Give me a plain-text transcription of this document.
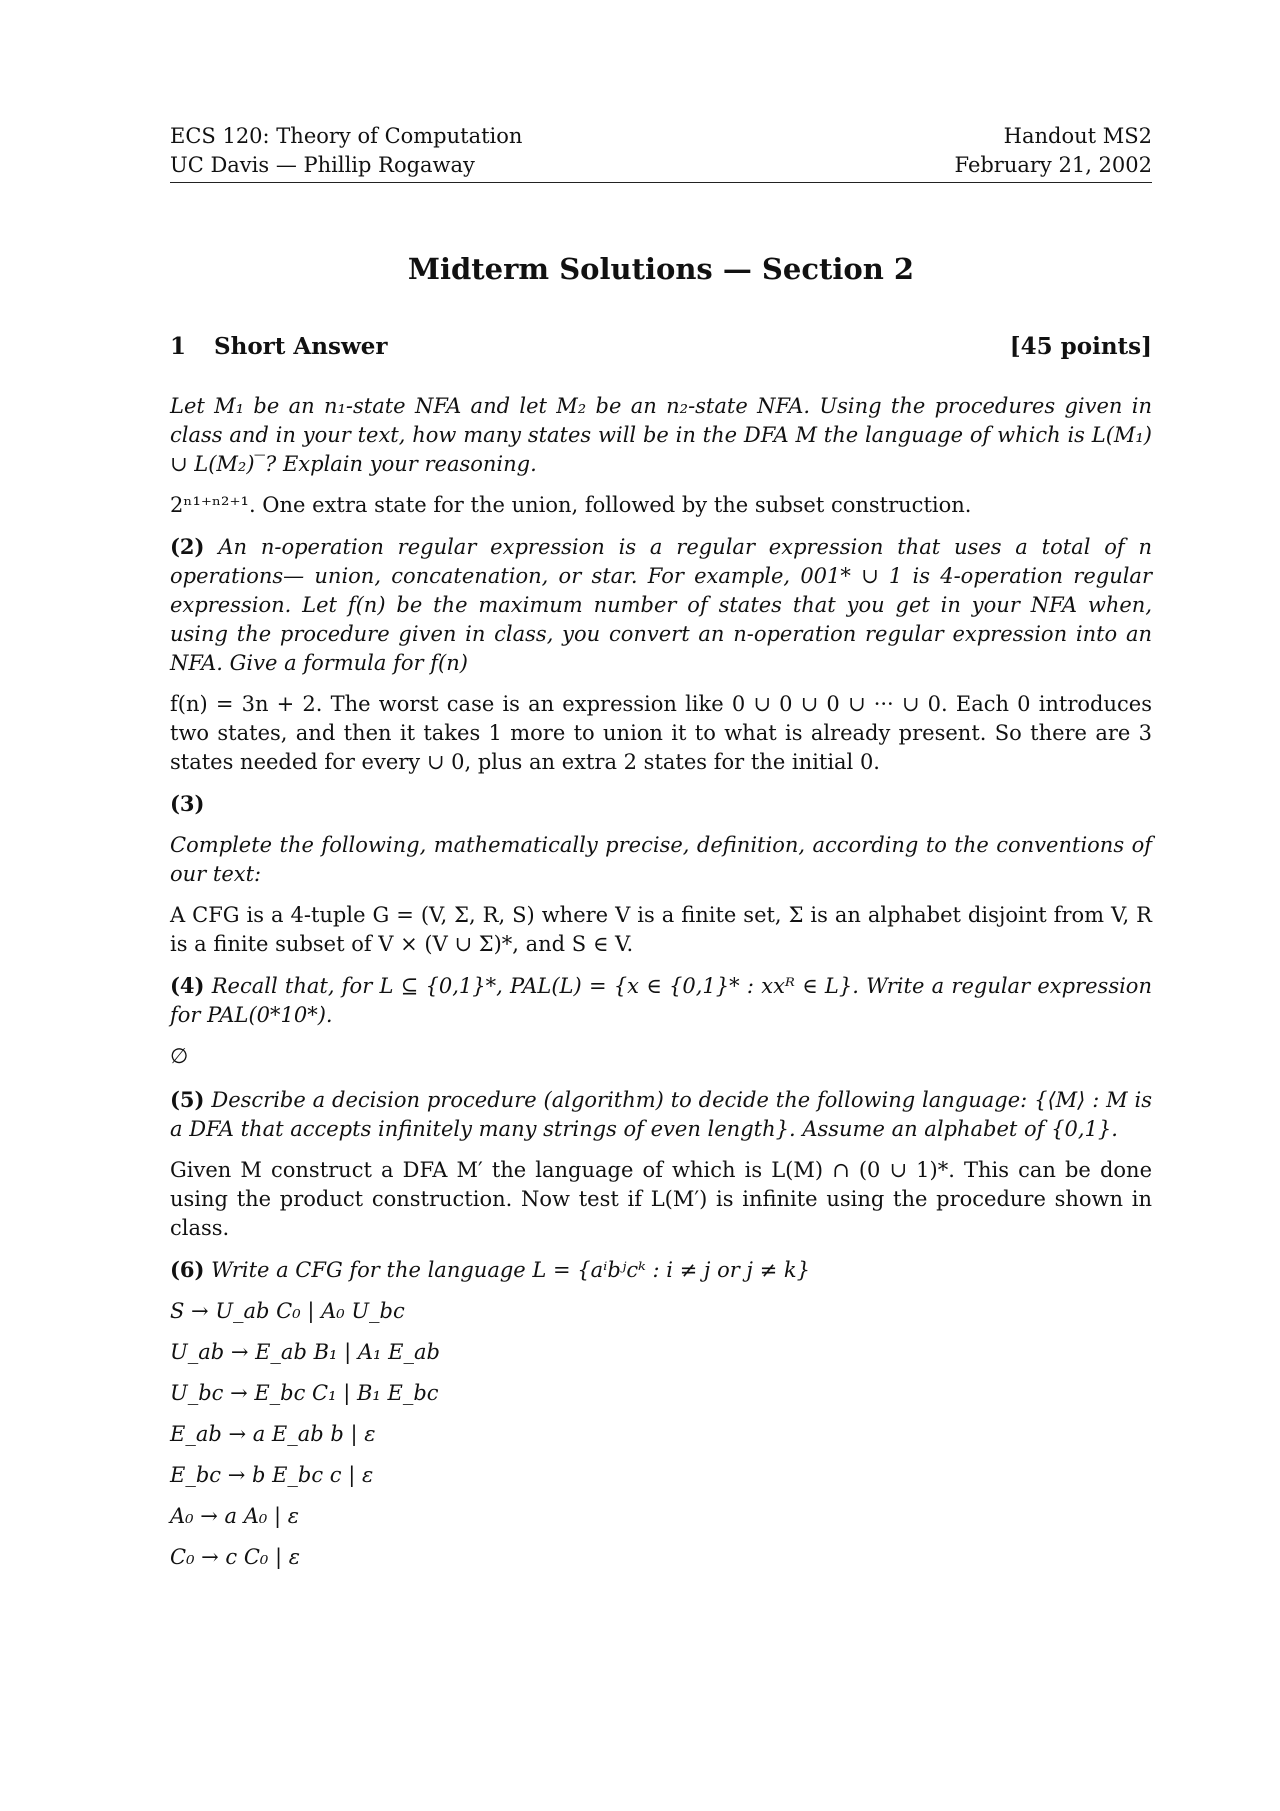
ECS 120: Theory of Computation
UC Davis — Phillip Rogaway
Handout MS2
February 21, 2002
Midterm Solutions — Section 2
1 Short Answer	[45 points]

Let M₁ be an n₁-state NFA and let M₂ be an n₂-state NFA. Using the procedures given in class and in your text, how many states will be in the DFA M the language of which is L(M₁) ∪ L(M₂)‾? Explain your reasoning.

2ⁿ¹⁺ⁿ²⁺¹. One extra state for the union, followed by the subset construction.

(2) An n-operation regular expression is a regular expression that uses a total of n operations— union, concatenation, or star. For example, 001* ∪ 1 is 4-operation regular expression. Let f(n) be the maximum number of states that you get in your NFA when, using the procedure given in class, you convert an n-operation regular expression into an NFA. Give a formula for f(n)

f(n) = 3n + 2. The worst case is an expression like 0 ∪ 0 ∪ 0 ∪ ··· ∪ 0. Each 0 introduces two states, and then it takes 1 more to union it to what is already present. So there are 3 states needed for every ∪ 0, plus an extra 2 states for the initial 0.

(3)

Complete the following, mathematically precise, definition, according to the conventions of our text:

A CFG is a 4-tuple G = (V, Σ, R, S) where V is a finite set, Σ is an alphabet disjoint from V, R is a finite subset of V × (V ∪ Σ)*, and S ∈ V.

(4) Recall that, for L ⊆ {0,1}*, PAL(L) = {x ∈ {0,1}* : xxᴿ ∈ L}. Write a regular expression for PAL(0*10*).

∅

(5) Describe a decision procedure (algorithm) to decide the following language: {⟨M⟩ : M is a DFA that accepts infinitely many strings of even length}. Assume an alphabet of {0,1}.

Given M construct a DFA M′ the language of which is L(M) ∩ (0 ∪ 1)*. This can be done using the product construction. Now test if L(M′) is infinite using the procedure shown in class.

(6) Write a CFG for the language L = {aⁱbʲcᵏ : i ≠ j or j ≠ k}

S → U_ab C₀ | A₀ U_bc
U_ab → E_ab B₁ | A₁ E_ab
U_bc → E_bc C₁ | B₁ E_bc
E_ab → a E_ab b | ε
E_bc → b E_bc c | ε
A₀ → a A₀ | ε
C₀ → c C₀ | ε
